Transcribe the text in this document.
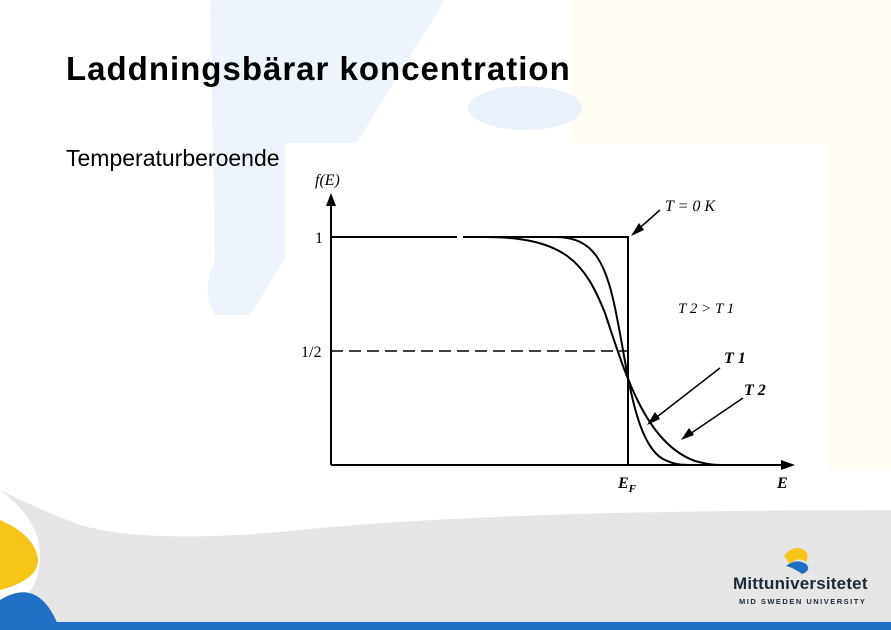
Laddningsbärar koncentration
Temperaturberoende
f(E)
1
1/2
T = 0 K
T 2 > T 1
T 1
T 2
$E_F$	E
Mittuniversitetet
MID SWEDEN UNIVERSITY
